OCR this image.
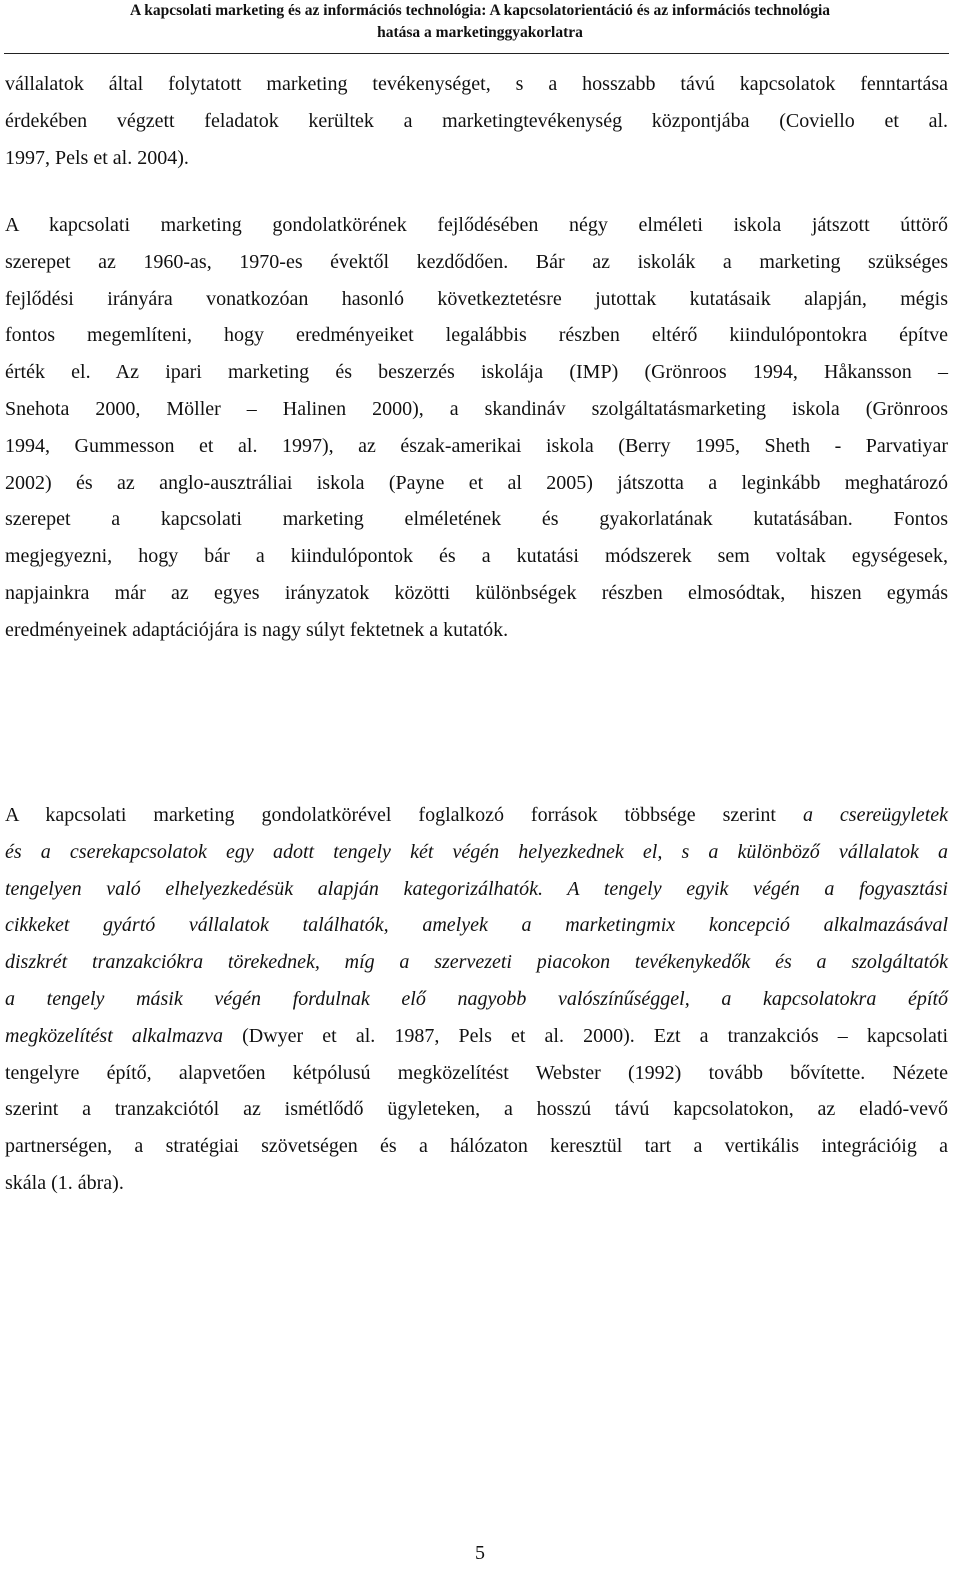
A kapcsolati marketing és az információs technológia: A kapcsolatorientáció és az információs technológia
hatása a marketinggyakorlatra
vállalatok által folytatott marketing tevékenységet, s a hosszabb távú kapcsolatok fenntartása
érdekében végzett feladatok kerültek a marketingtevékenység központjába (Coviello et al.
1997, Pels et al. 2004).
A kapcsolati marketing gondolatkörének fejlődésében négy elméleti iskola játszott úttörő
szerepet az 1960-as, 1970-es évektől kezdődően. Bár az iskolák a marketing szükséges
fejlődési irányára vonatkozóan hasonló következtetésre jutottak kutatásaik alapján, mégis
fontos megemlíteni, hogy eredményeiket legalábbis részben eltérő kiindulópontokra építve
érték el. Az ipari marketing és beszerzés iskolája (IMP) (Grönroos 1994, Håkansson –
Snehota 2000, Möller – Halinen 2000), a skandináv szolgáltatásmarketing iskola (Grönroos
1994, Gummesson et al. 1997), az észak-amerikai iskola (Berry 1995, Sheth - Parvatiyar
2002) és az anglo-ausztráliai iskola (Payne et al 2005) játszotta a leginkább meghatározó
szerepet a kapcsolati marketing elméletének és gyakorlatának kutatásában. Fontos
megjegyezni, hogy bár a kiindulópontok és a kutatási módszerek sem voltak egységesek,
napjainkra már az egyes irányzatok közötti különbségek részben elmosódtak, hiszen egymás
eredményeinek adaptációjára is nagy súlyt fektetnek a kutatók.
A kapcsolati marketing gondolatkörével foglalkozó források többsége szerint a csereügyletek
és a cserekapcsolatok egy adott tengely két végén helyezkednek el, s a különböző vállalatok a
tengelyen való elhelyezkedésük alapján kategorizálhatók. A tengely egyik végén a fogyasztási
cikkeket gyártó vállalatok találhatók, amelyek a marketingmix koncepció alkalmazásával
diszkrét tranzakciókra törekednek, míg a szervezeti piacokon tevékenykedők és a szolgáltatók
a tengely másik végén fordulnak elő nagyobb valószínűséggel, a kapcsolatokra építő
megközelítést alkalmazva (Dwyer et al. 1987, Pels et al. 2000). Ezt a tranzakciós – kapcsolati
tengelyre építő, alapvetően kétpólusú megközelítést Webster (1992) tovább bővítette. Nézete
szerint a tranzakciótól az ismétlődő ügyleteken, a hosszú távú kapcsolatokon, az eladó-vevő
partnerségen, a stratégiai szövetségen és a hálózaton keresztül tart a vertikális integrációig a
skála (1. ábra).
5
